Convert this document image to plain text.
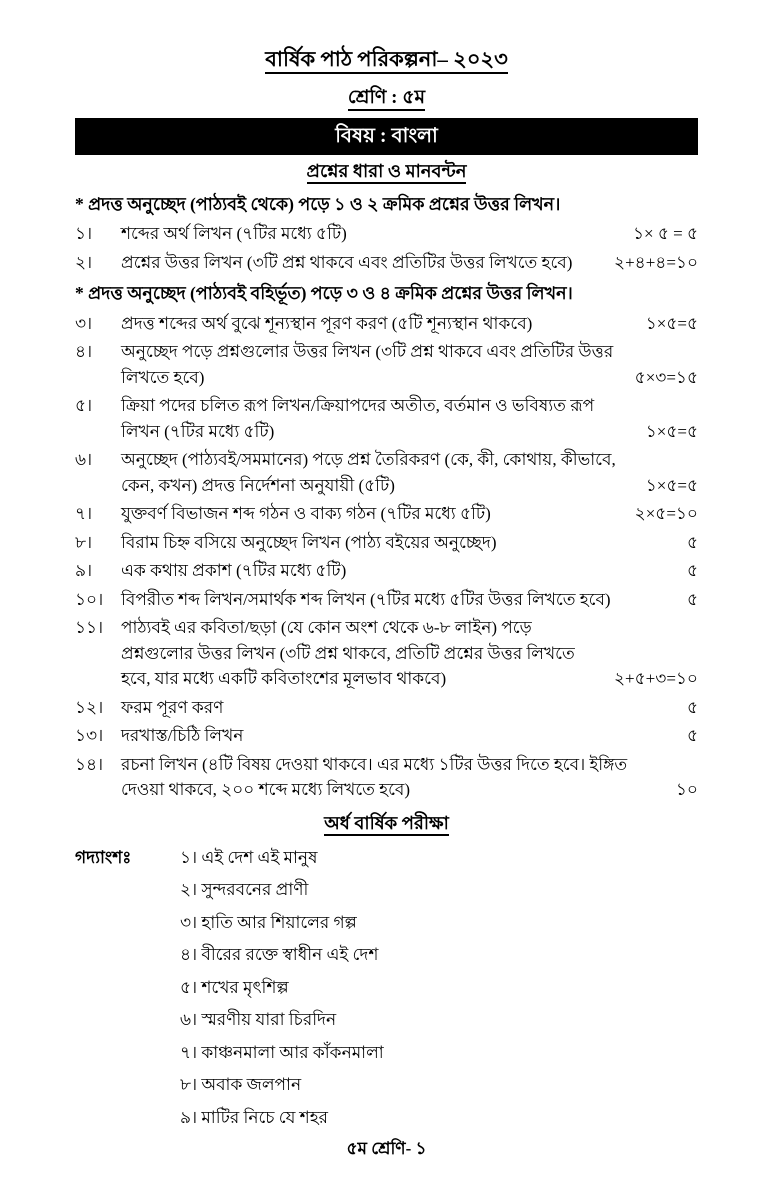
বার্ষিক পাঠ পরিকল্পনা– ২০২৩
শ্রেণি : ৫ম
বিষয় : বাংলা
প্রশ্নের ধারা ও মানবন্টন

* প্রদত্ত অনুচ্ছেদ (পাঠ্যবই থেকে) পড়ে ১ ও ২ ক্রমিক প্রশ্নের উত্তর লিখন।

১।	শব্দের অর্থ লিখন (৭টির মধ্যে ৫টি)	১× ৫ = ৫
২।	প্রশ্নের উত্তর লিখন (৩টি প্রশ্ন থাকবে এবং প্রতিটির উত্তর লিখতে হবে)	২+৪+৪=১০

* প্রদত্ত অনুচ্ছেদ (পাঠ্যবই বহির্ভূত) পড়ে ৩ ও ৪ ক্রমিক প্রশ্নের উত্তর লিখন।

৩।	প্রদত্ত শব্দের অর্থ বুঝে শূন্যস্থান পূরণ করণ (৫টি শূন্যস্থান থাকবে)	১×৫=৫
৪।	অনুচ্ছেদ পড়ে প্রশ্নগুলোর উত্তর লিখন (৩টি প্রশ্ন থাকবে এবং প্রতিটির উত্তর লিখতে হবে)	৫×৩=১৫
৫।	ক্রিয়া পদের চলিত রূপ লিখন/ক্রিয়াপদের অতীত, বর্তমান ও ভবিষ্যত রূপ লিখন (৭টির মধ্যে ৫টি)	১×৫=৫
৬।	অনুচ্ছেদ (পাঠ্যবই/সমমানের) পড়ে প্রশ্ন তৈরিকরণ (কে, কী, কোথায়, কীভাবে, কেন, কখন) প্রদত্ত নির্দেশনা অনুযায়ী (৫টি)	১×৫=৫
৭।	যুক্তবর্ণ বিভাজন শব্দ গঠন ও বাক্য গঠন (৭টির মধ্যে ৫টি)	২×৫=১০
৮।	বিরাম চিহ্ন বসিয়ে অনুচ্ছেদ লিখন (পাঠ্য বইয়ের অনুচ্ছেদ)	৫
৯।	এক কথায় প্রকাশ (৭টির মধ্যে ৫টি)	৫
১০।	বিপরীত শব্দ লিখন/সমার্থক শব্দ লিখন (৭টির মধ্যে ৫টির উত্তর লিখতে হবে)	৫
১১।	পাঠ্যবই এর কবিতা/ছড়া (যে কোন অংশ থেকে ৬-৮ লাইন) পড়ে প্রশ্নগুলোর উত্তর লিখন (৩টি প্রশ্ন থাকবে, প্রতিটি প্রশ্নের উত্তর লিখতে হবে, যার মধ্যে একটি কবিতাংশের মূলভাব থাকবে)	২+৫+৩=১০
১২।	ফরম পূরণ করণ	৫
১৩।	দরখাস্ত/চিঠি লিখন	৫
১৪।	রচনা লিখন (৪টি বিষয় দেওয়া থাকবে। এর মধ্যে ১টির উত্তর দিতে হবে। ইঙ্গিত দেওয়া থাকবে, ২০০ শব্দে মধ্যে লিখতে হবে)	১০
অর্ধ বার্ষিক পরীক্ষা
গদ্যাংশঃ	১। এই দেশ এই মানুষ
২। সুন্দরবনের প্রাণী
৩। হাতি আর শিয়ালের গল্প
৪। বীরের রক্তে স্বাধীন এই দেশ
৫। শখের মৃৎশিল্প
৬। স্মরণীয় যারা চিরদিন
৭। কাঞ্চনমালা আর কাঁকনমালা
৮। অবাক জলপান
৯। মাটির নিচে যে শহর
৫ম শ্রেণি- ১
